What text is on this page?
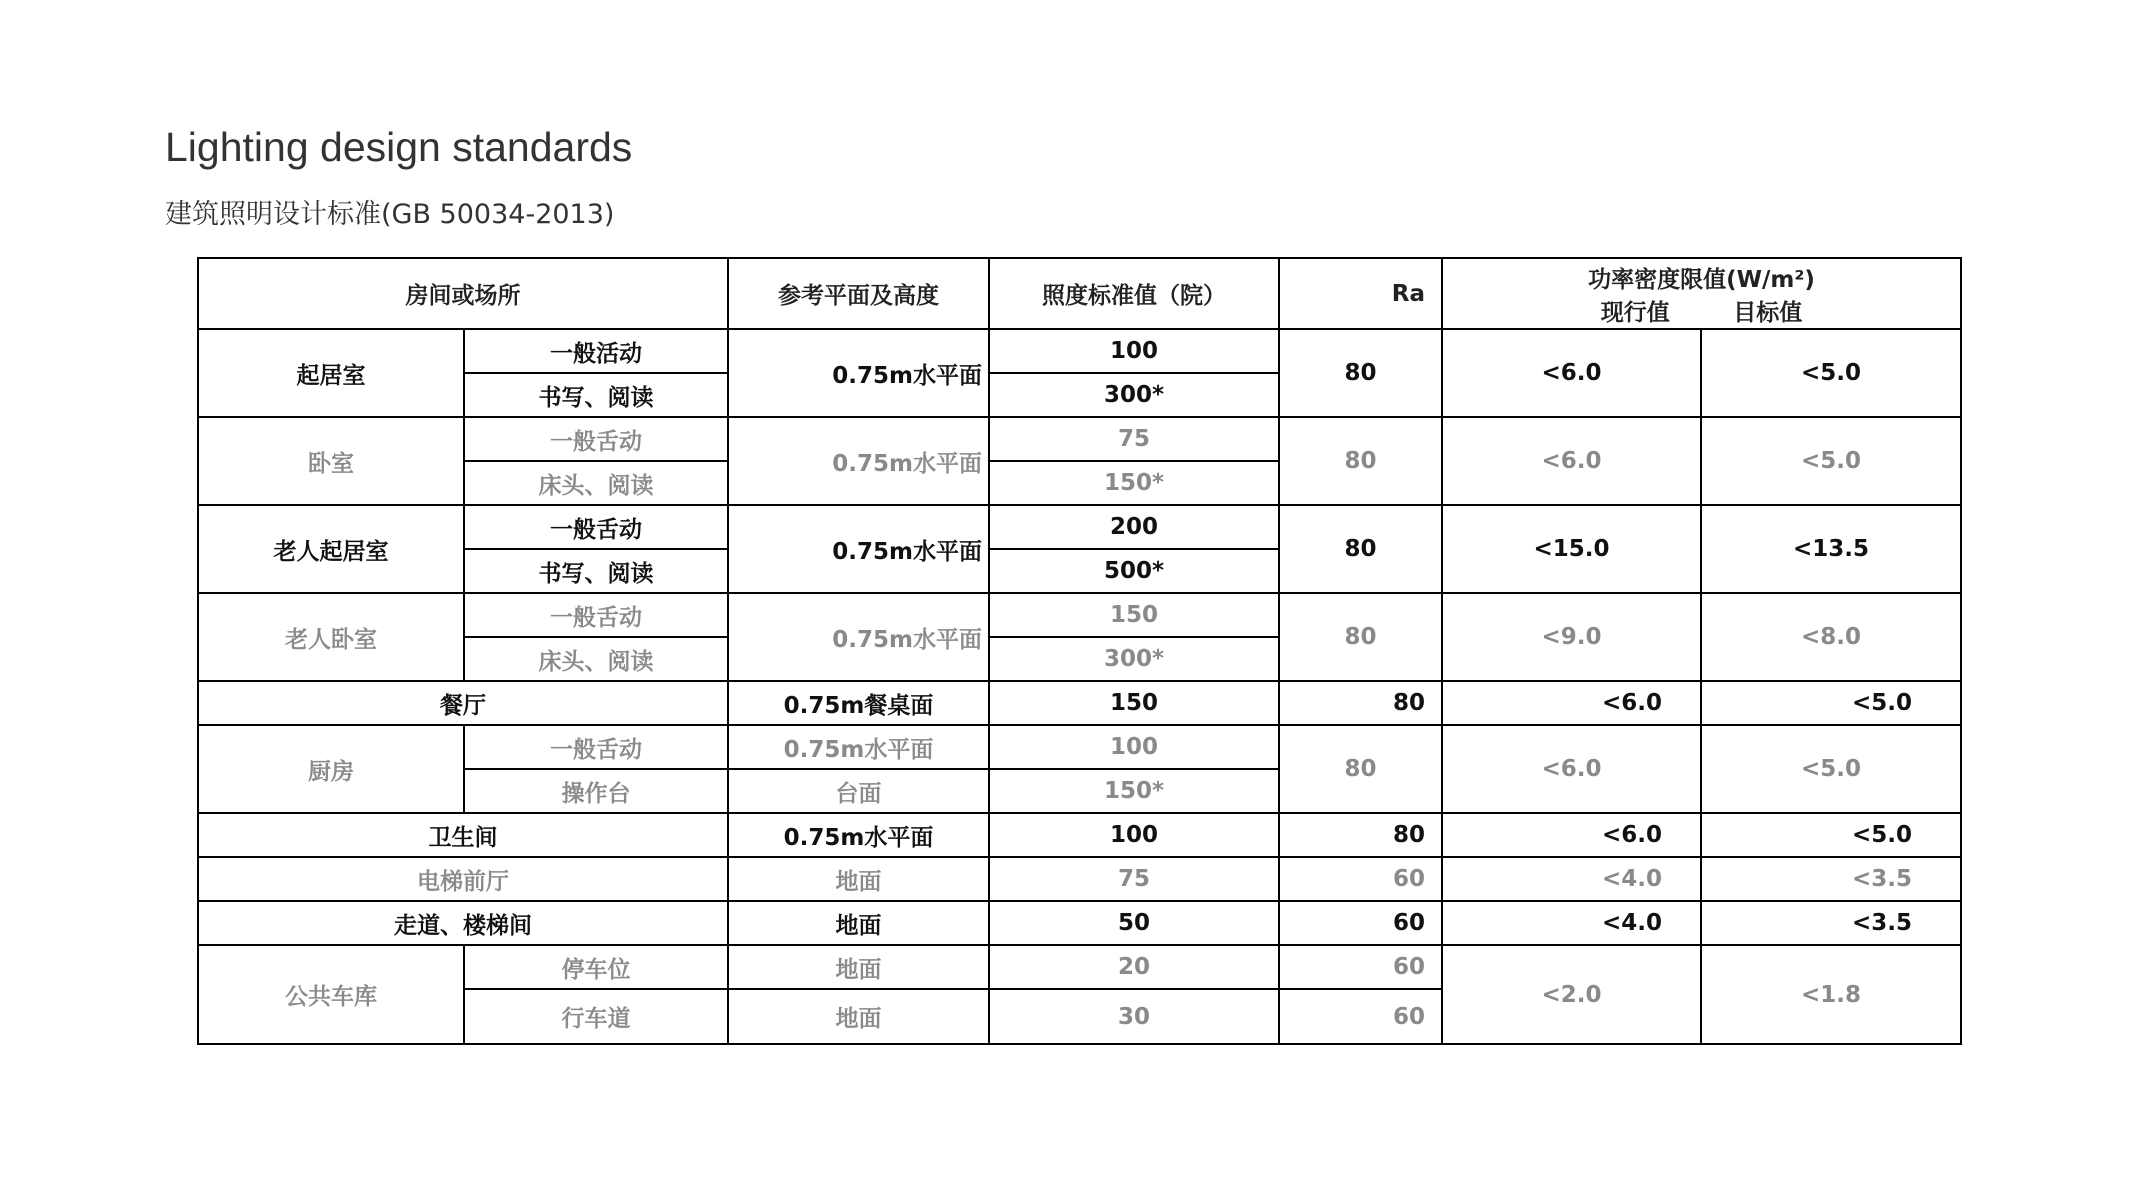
Lighting design standards

建筑照明设计标准(GB 50034-2013)

房间或场所		参考平面及高度	照度标准值（院）	Ra	功率密度限值(W/m²)
现行值 目标值	

起居室	一般活动	0.75m水平面	100	80	<6.0	<5.0
	书写、阅读		300*			
卧室	一般舌动	0.75m水平面	75	80	<6.0	<5.0
	床头、阅读		150*			
老人起居室	一般舌动	0.75m水平面	200	80	<15.0	<13.5
	书写、阅读		500*			
老人卧室	一般舌动	0.75m水平面	150	80	<9.0	<8.0
	床头、阅读		300*			
餐厅		0.75m餐桌面	150	80	<6.0	<5.0
厨房	一般舌动	0.75m水平面	100	80	<6.0	<5.0
	操作台	台面	150*			
卫生间		0.75m水平面	100	80	<6.0	<5.0
电梯前厅		地面	75	60	<4.0	<3.5
走道、楼梯间		地面	50	60	<4.0	<3.5
公共车库	停车位	地面	20	60	<2.0	<1.8
	行车道	地面	30	60		
